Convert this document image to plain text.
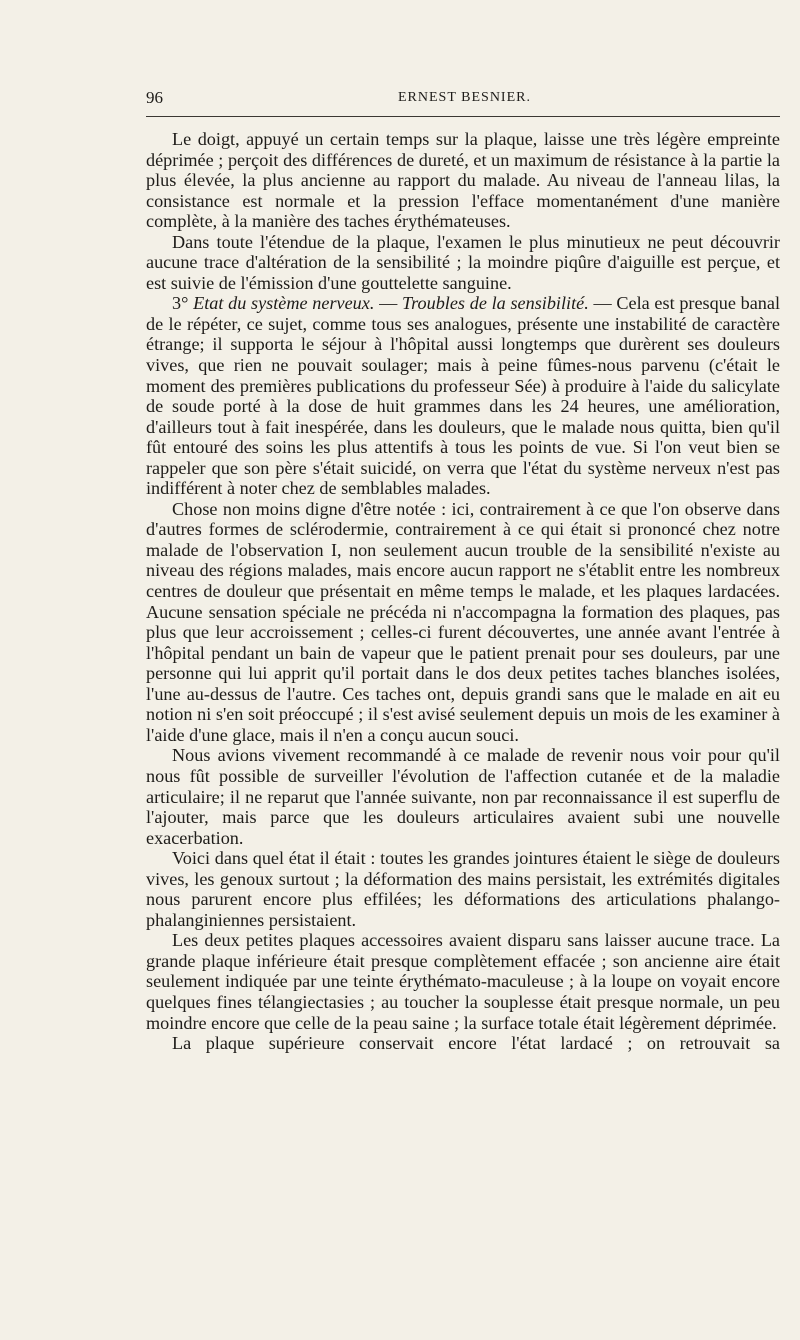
96	ERNEST BESNIER.

Le doigt, appuyé un certain temps sur la plaque, laisse une très légère empreinte déprimée ; perçoit des différences de dureté, et un maximum de résistance à la partie la plus élevée, la plus ancienne au rapport du malade. Au niveau de l'anneau lilas, la consistance est normale et la pression l'efface momentanément d'une manière complète, à la manière des taches érythémateuses.

Dans toute l'étendue de la plaque, l'examen le plus minutieux ne peut découvrir aucune trace d'altération de la sensibilité ; la moindre piqûre d'aiguille est perçue, et est suivie de l'émission d'une gouttelette sanguine.

3° Etat du système nerveux. — Troubles de la sensibilité. — Cela est presque banal de le répéter, ce sujet, comme tous ses analogues, présente une instabilité de caractère étrange; il supporta le séjour à l'hôpital aussi longtemps que durèrent ses douleurs vives, que rien ne pouvait soulager; mais à peine fûmes-nous parvenu (c'était le moment des premières publications du professeur Sée) à produire à l'aide du salicylate de soude porté à la dose de huit grammes dans les 24 heures, une amélioration, d'ailleurs tout à fait inespérée, dans les douleurs, que le malade nous quitta, bien qu'il fût entouré des soins les plus attentifs à tous les points de vue. Si l'on veut bien se rappeler que son père s'était suicidé, on verra que l'état du système nerveux n'est pas indifférent à noter chez de semblables malades.

Chose non moins digne d'être notée : ici, contrairement à ce que l'on observe dans d'autres formes de sclérodermie, contrairement à ce qui était si prononcé chez notre malade de l'observation I, non seulement aucun trouble de la sensibilité n'existe au niveau des régions malades, mais encore aucun rapport ne s'établit entre les nombreux centres de douleur que présentait en même temps le malade, et les plaques lardacées. Aucune sensation spéciale ne précéda ni n'accompagna la formation des plaques, pas plus que leur accroissement ; celles-ci furent découvertes, une année avant l'entrée à l'hôpital pendant un bain de vapeur que le patient prenait pour ses douleurs, par une personne qui lui apprit qu'il portait dans le dos deux petites taches blanches isolées, l'une au-dessus de l'autre. Ces taches ont, depuis grandi sans que le malade en ait eu notion ni s'en soit préoccupé ; il s'est avisé seulement depuis un mois de les examiner à l'aide d'une glace, mais il n'en a conçu aucun souci.

Nous avions vivement recommandé à ce malade de revenir nous voir pour qu'il nous fût possible de surveiller l'évolution de l'affection cutanée et de la maladie articulaire; il ne reparut que l'année suivante, non par reconnaissance il est superflu de l'ajouter, mais parce que les douleurs articulaires avaient subi une nouvelle exacerbation.

Voici dans quel état il était : toutes les grandes jointures étaient le siège de douleurs vives, les genoux surtout ; la déformation des mains persistait, les extrémités digitales nous parurent encore plus effilées; les déformations des articulations phalango-phalanginiennes persistaient.

Les deux petites plaques accessoires avaient disparu sans laisser aucune trace. La grande plaque inférieure était presque complètement effacée ; son ancienne aire était seulement indiquée par une teinte érythémato-maculeuse ; à la loupe on voyait encore quelques fines télangiectasies ; au toucher la souplesse était presque normale, un peu moindre encore que celle de la peau saine ; la surface totale était légèrement déprimée.

La plaque supérieure conservait encore l'état lardacé ; on retrouvait sa
